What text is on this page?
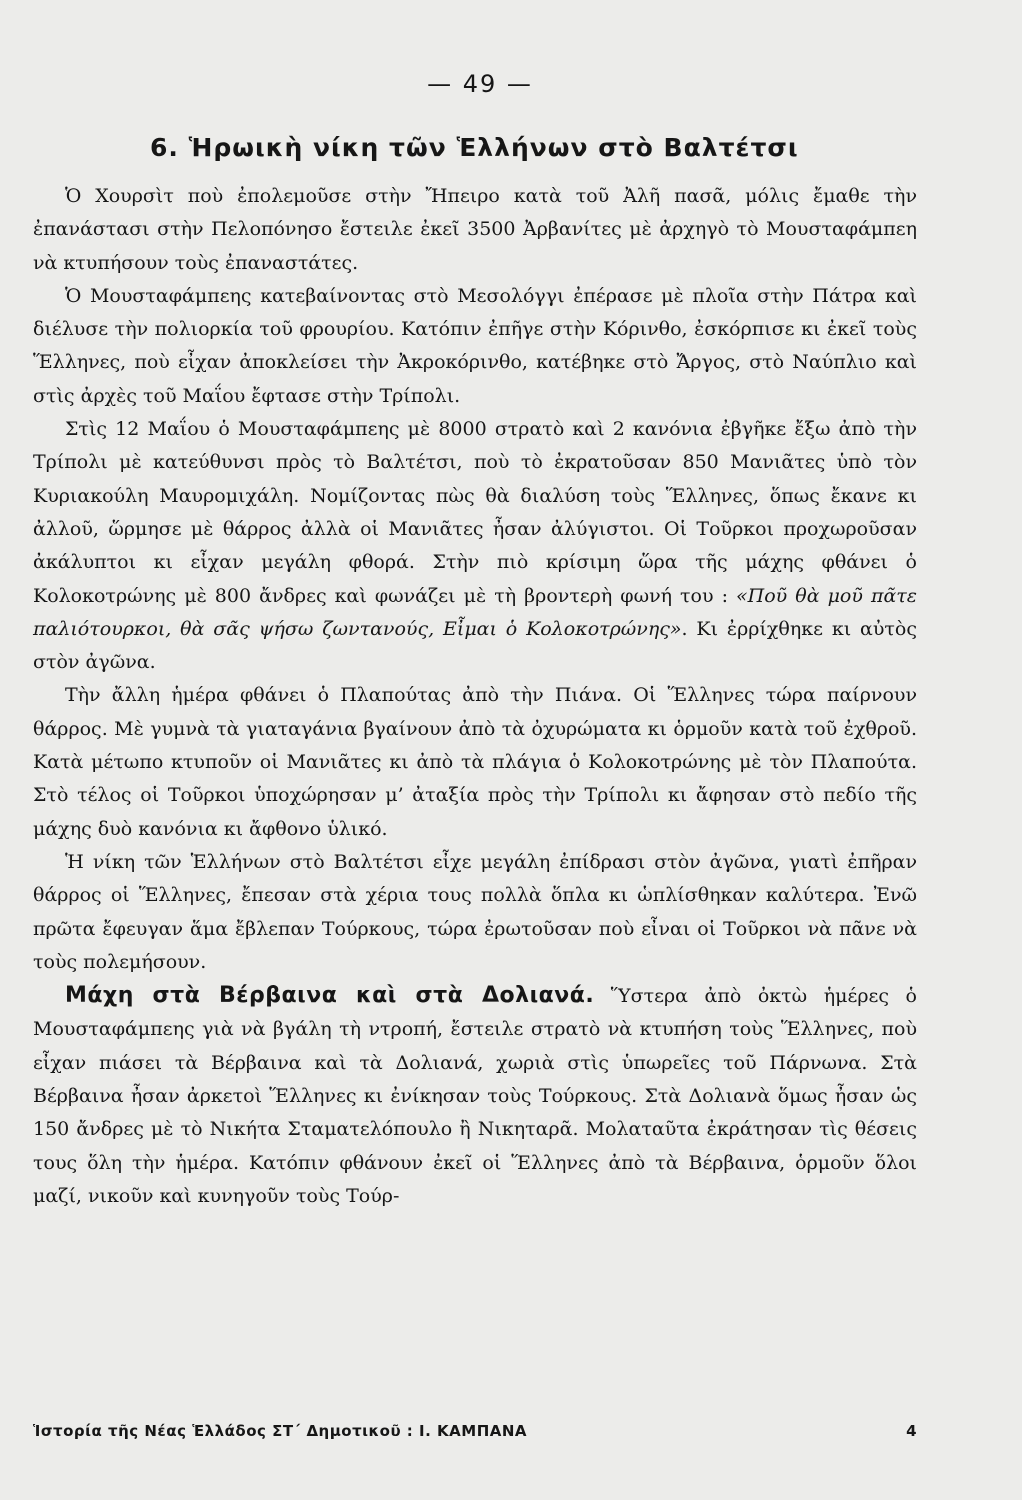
— 49 —
6. Ἡρωικὴ νίκη τῶν Ἑλλήνων στὸ Βαλτέτσι

Ὁ Χουρσὶτ ποὺ ἐπολεμοῦσε στὴν Ἤπειρο κατὰ τοῦ Ἀλῆ πασᾶ, μόλις ἔμαθε τὴν ἐπανάστασι στὴν Πελοπόνησο ἔστειλε ἐκεῖ 3500 Ἀρβανίτες μὲ ἀρχηγὸ τὸ Μουσταφάμπεη νὰ κτυπήσουν τοὺς ἐπαναστάτες.

Ὁ Μουσταφάμπεης κατεβαίνοντας στὸ Μεσολόγγι ἐπέρασε μὲ πλοῖα στὴν Πάτρα καὶ διέλυσε τὴν πολιορκία τοῦ φρουρίου. Κατόπιν ἐπῆγε στὴν Κόρινθο, ἐσκόρπισε κι ἐκεῖ τοὺς Ἕλληνες, ποὺ εἶχαν ἀποκλείσει τὴν Ἀκροκόρινθο, κατέβηκε στὸ Ἄργος, στὸ Ναύπλιο καὶ στὶς ἀρχὲς τοῦ Μαΐου ἔφτασε στὴν Τρίπολι.

Στὶς 12 Μαΐου ὁ Μουσταφάμπεης μὲ 8000 στρατὸ καὶ 2 κανόνια ἐβγῆκε ἔξω ἀπὸ τὴν Τρίπολι μὲ κατεύθυνσι πρὸς τὸ Βαλτέτσι, ποὺ τὸ ἐκρατοῦσαν 850 Μανιᾶτες ὑπὸ τὸν Κυριακούλη Μαυρομιχάλη. Νομίζοντας πὼς θὰ διαλύση τοὺς Ἕλληνες, ὅπως ἔκανε κι ἀλλοῦ, ὥρμησε μὲ θάρρος ἀλλὰ οἱ Μανιᾶτες ἦσαν ἀλύγιστοι. Οἱ Τοῦρκοι προχωροῦσαν ἀκάλυπτοι κι εἶχαν μεγάλη φθορά. Στὴν πιὸ κρίσιμη ὥρα τῆς μάχης φθάνει ὁ Κολοκοτρώνης μὲ 800 ἄνδρες καὶ φωνάζει μὲ τὴ βροντερὴ φωνή του : «Ποῦ θὰ μοῦ πᾶτε παλιότουρκοι, θὰ σᾶς ψήσω ζωντανούς, Εἶμαι ὁ Κολοκοτρώνης». Κι ἐρρίχθηκε κι αὐτὸς στὸν ἀγῶνα.

Τὴν ἄλλη ἡμέρα φθάνει ὁ Πλαπούτας ἀπὸ τὴν Πιάνα. Οἱ Ἕλληνες τώρα παίρνουν θάρρος. Μὲ γυμνὰ τὰ γιαταγάνια βγαίνουν ἀπὸ τὰ ὀχυρώματα κι ὁρμοῦν κατὰ τοῦ ἐχθροῦ. Κατὰ μέτωπο κτυποῦν οἱ Μανιᾶτες κι ἀπὸ τὰ πλάγια ὁ Κολοκοτρώνης μὲ τὸν Πλαπούτα. Στὸ τέλος οἱ Τοῦρκοι ὑποχώρησαν μ’ ἀταξία πρὸς τὴν Τρίπολι κι ἄφησαν στὸ πεδίο τῆς μάχης δυὸ κανόνια κι ἄφθονο ὑλικό.

Ἡ νίκη τῶν Ἑλλήνων στὸ Βαλτέτσι εἶχε μεγάλη ἐπίδρασι στὸν ἀγῶνα, γιατὶ ἐπῆραν θάρρος οἱ Ἕλληνες, ἔπεσαν στὰ χέρια τους πολλὰ ὅπλα κι ὡπλίσθηκαν καλύτερα. Ἐνῶ πρῶτα ἔφευγαν ἅμα ἔβλεπαν Τούρκους, τώρα ἐρωτοῦσαν ποὺ εἶναι οἱ Τοῦρκοι νὰ πᾶνε νὰ τοὺς πολεμήσουν.

Μάχη στὰ Βέρβαινα καὶ στὰ Δολιανά. Ὕστερα ἀπὸ ὀκτὼ ἡμέρες ὁ Μουσταφάμπεης γιὰ νὰ βγάλη τὴ ντροπή, ἔστειλε στρατὸ νὰ κτυπήση τοὺς Ἕλληνες, ποὺ εἶχαν πιάσει τὰ Βέρβαινα καὶ τὰ Δολιανά, χωριὰ στὶς ὑπωρεῖες τοῦ Πάρνωνα. Στὰ Βέρβαινα ἦσαν ἀρκετοὶ Ἕλληνες κι ἐνίκησαν τοὺς Τούρκους. Στὰ Δολιανὰ ὅμως ἦσαν ὡς 150 ἄνδρες μὲ τὸ Νικήτα Σταματελόπουλο ἢ Νικηταρᾶ. Μολαταῦτα ἐκράτησαν τὶς θέσεις τους ὅλη τὴν ἡμέρα. Κατόπιν φθάνουν ἐκεῖ οἱ Ἕλληνες ἀπὸ τὰ Βέρβαινα, ὁρμοῦν ὅλοι μαζί, νικοῦν καὶ κυνηγοῦν τοὺς Τούρ-

Ἱστορία τῆς Νέας Ἑλλάδος ΣΤ΄ Δημοτικοῦ : Ι. ΚΑΜΠΑΝΑ	4
